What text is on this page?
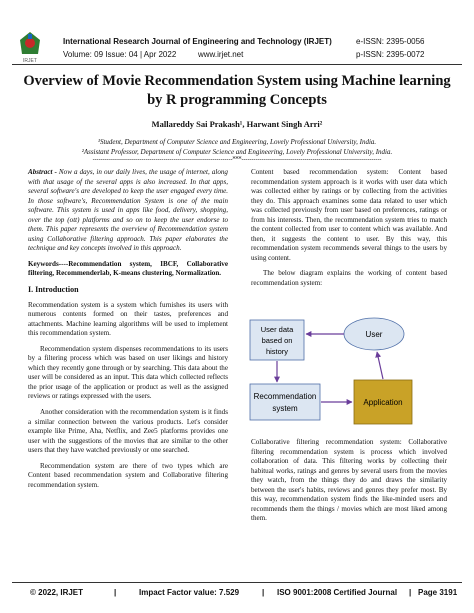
IRJET
International Research Journal of Engineering and Technology (IRJET)
Volume: 09 Issue: 04 | Apr 2022	www.irjet.net
e-ISSN: 2395-0056
p-ISSN: 2395-0072
Overview of Movie Recommendation System using Machine learning by R programming Concepts
Mallareddy Sai Prakash¹, Harwant Singh Arri²
¹Student, Department of Computer Science and Engineering, Lovely Professional University, India.
²Assistant Professor, Department of Computer Science and Engineering, Lovely Professional University, India.
---------------------------------------------------------------------***---------------------------------------------------------------------

Abstract - Now a days, in our daily lives, the usage of internet, along with that usage of the several apps is also increased. In that apps, several software's are developed to keep the user engaged every time. In those software's, Recommendation System is one of the main software. This system is used in apps like food, delivery, shopping, over the top (ott) platforms and so on to keep the user endorse to them. This paper represents the overview of Recommendation system using Collaborative filtering approach. This paper elaborates the technique and key concepts involved in this approach.

Keywords----Recommendation system, IBCF, Collaborative filtering, Recommenderlab, K-means clustering, Normalization.

I. Introduction

Recommendation system is a system which furnishes its users with numerous contents formed on their tastes, preferences and attachments. Machine learning algorithms will be used to implement this recommendation system.

Recommendation system dispenses recommendations to its users by a filtering process which was based on user likings and history which they recently gone through or by searching. This data about the user will be considered as an input. This data which collected reflects the prior usage of the application or product as well as the assigned reviews or ratings expressed with the users.

Another consideration with the recommendation system is it finds a similar connection between the various products. Let's consider example like Prime, Aha, Netflix, and Zee5 platforms provides one user with the suggestions of the movies that are similar to the other users that they have watched previously or one searched.

Recommendation system are there of two types which are Content based recommendation system and Collaborative filtering recommendation system.

Content based recommendation system: Content based recommendation system approach is it works with user data which was collected either by ratings or by collecting from the activities they do. This approach examines some data related to user which was collected previously from user based on preferences, ratings or from his interests. Then, the recommendation system tries to match the content collected from user to content which was available. And then, it suggests the content to user. By this way, this recommendation system recommends several things to the users by using content.

The below diagram explains the working of content based recommendation system:

User data
based on
history
User
Recommendation
system
Application

Collaborative filtering recommendation system: Collaborative filtering recommendation system is process which involved collaboration of data. This filtering works by collecting their habitual works, ratings and genres by several users from the movies they watch, from the things they do and draws the similarity between the user's habits, reviews and genres they prefer most. By this way, recommendation system finds the like-minded users and recommends them the things / movies which are most liked among them.

© 2022, IRJET	|	Impact Factor value: 7.529	| ISO 9001:2008 Certified Journal | Page 3191
